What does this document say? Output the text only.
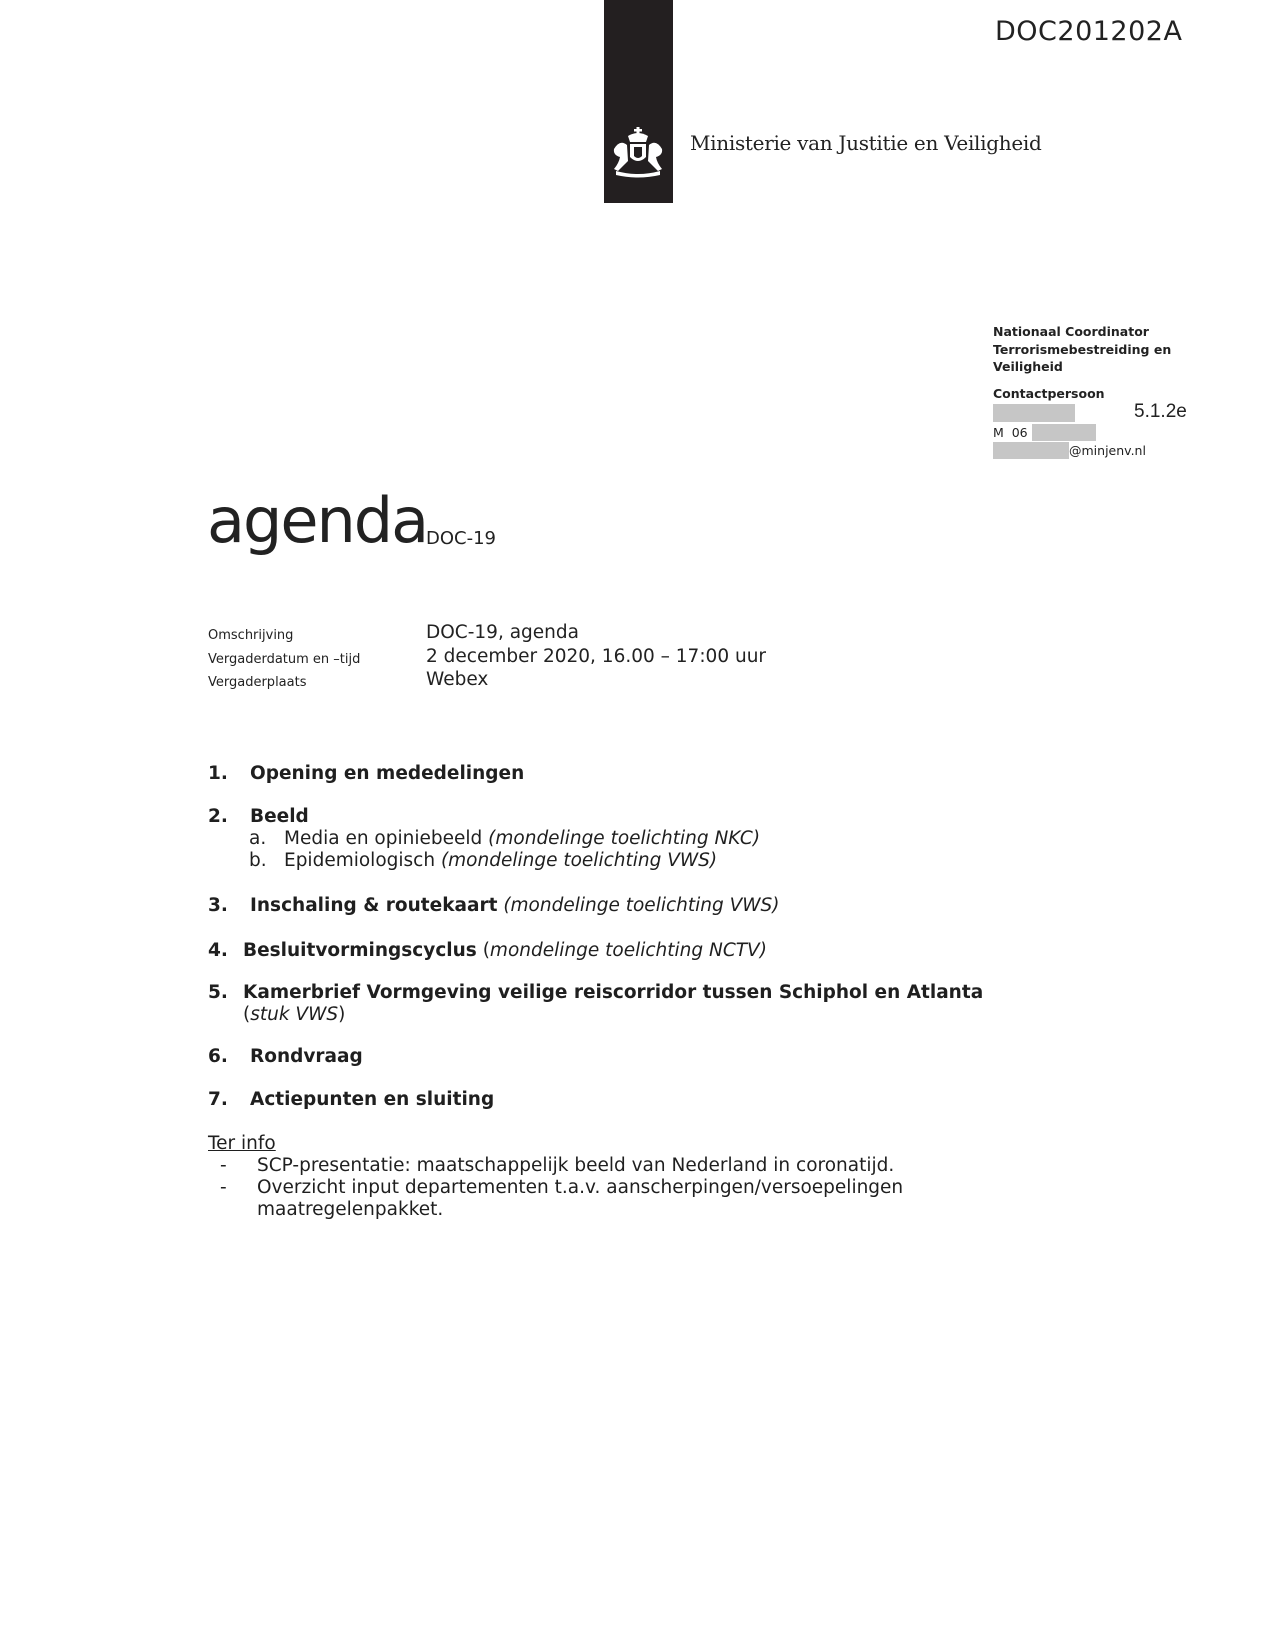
DOC201202A
Ministerie van Justitie en Veiligheid
Nationaal Coordinator
Terrorismebestreiding en
Veiligheid
Contactpersoon
M  06
@minjenv.nl
5.1.2e
agenda
DOC-19
Omschrijving	DOC-19, agenda
Vergaderdatum en –tijd	2 december 2020, 16.00 – 17:00 uur
Vergaderplaats	Webex
1. Opening en mededelingen
2. Beeld
a. Media en opiniebeeld (mondelinge toelichting NKC)
b. Epidemiologisch (mondelinge toelichting VWS)
3. Inschaling & routekaart (mondelinge toelichting VWS)
4. Besluitvormingscyclus (mondelinge toelichting NCTV)
5. Kamerbrief Vormgeving veilige reiscorridor tussen Schiphol en Atlanta
(stuk VWS)
6. Rondvraag
7. Actiepunten en sluiting
Ter info
- SCP-presentatie: maatschappelijk beeld van Nederland in coronatijd.
- Overzicht input departementen t.a.v. aanscherpingen/versoepelingen
maatregelenpakket.
